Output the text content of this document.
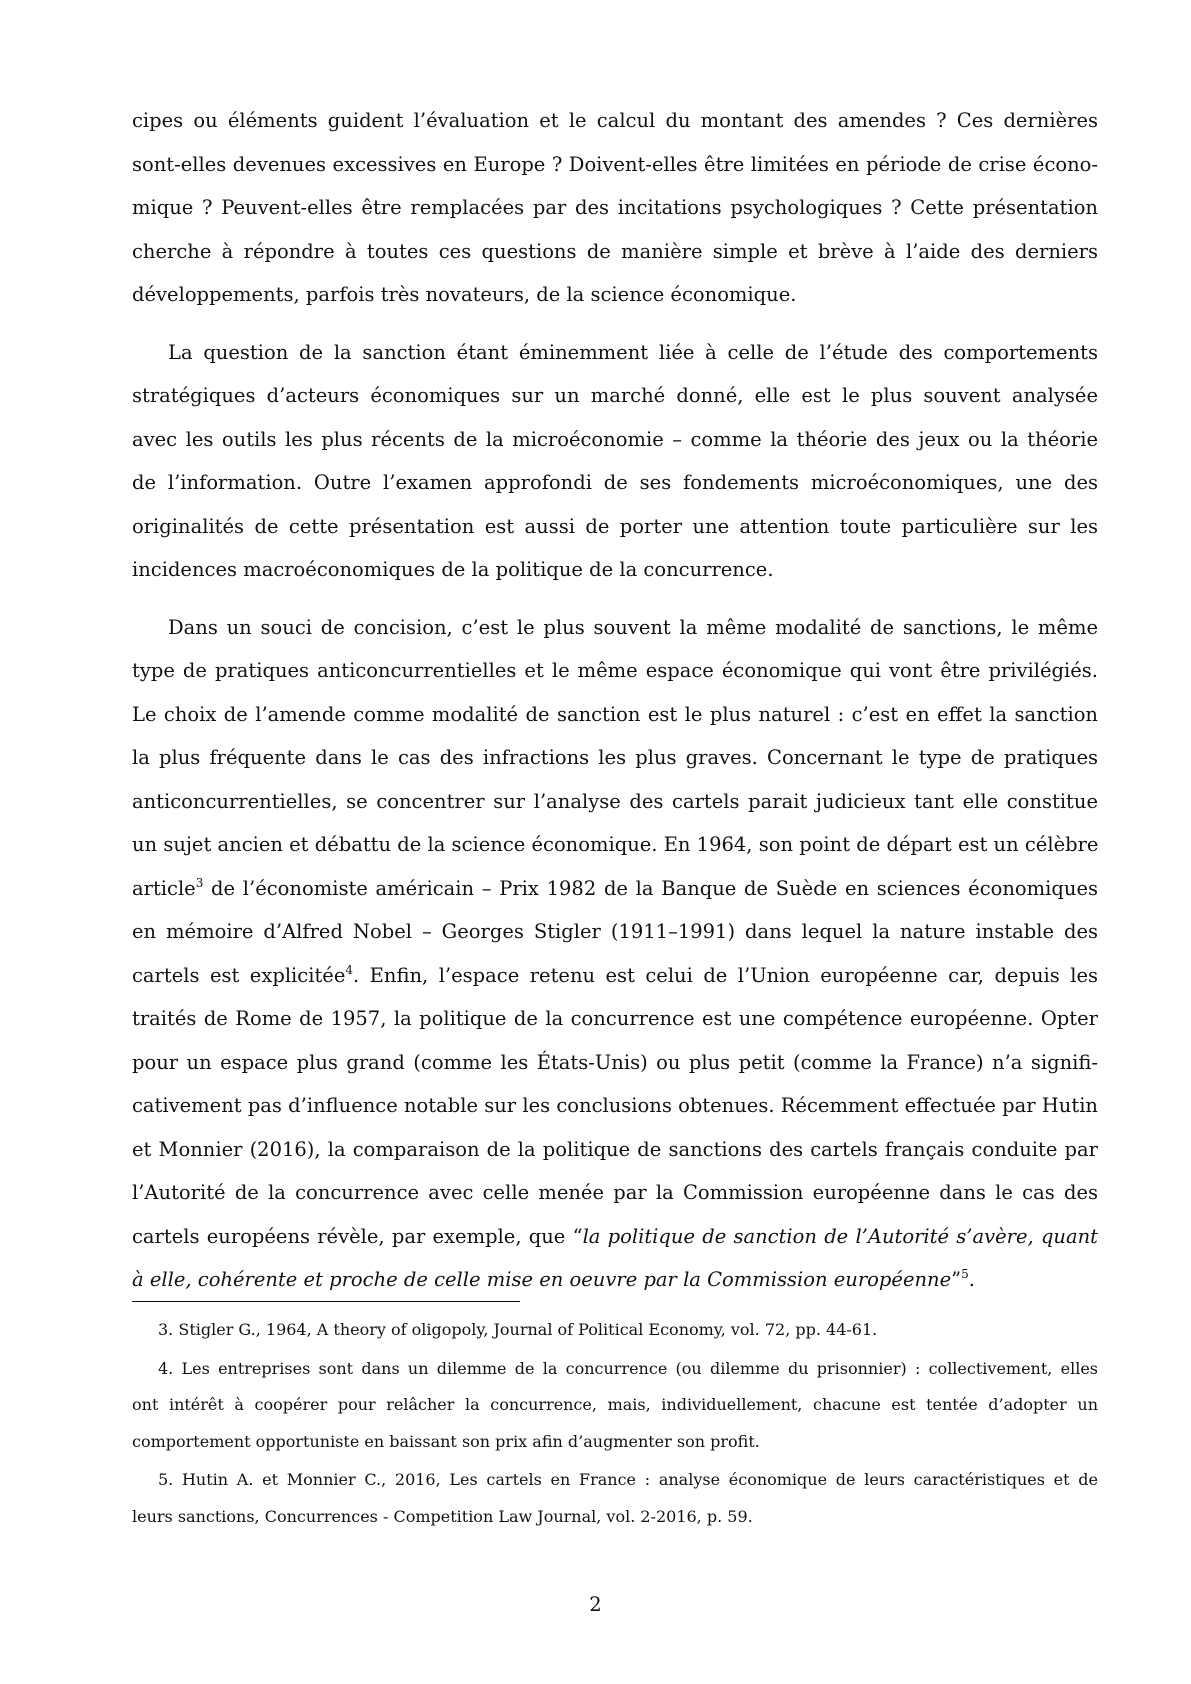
cipes ou éléments guident l’évaluation et le calcul du montant des amendes ? Ces dernières
sont-elles devenues excessives en Europe ? Doivent-elles être limitées en période de crise écono-
mique ? Peuvent-elles être remplacées par des incitations psychologiques ? Cette présentation
cherche à répondre à toutes ces questions de manière simple et brève à l’aide des derniers
développements, parfois très novateurs, de la science économique.
La question de la sanction étant éminemment liée à celle de l’étude des comportements
stratégiques d’acteurs économiques sur un marché donné, elle est le plus souvent analysée
avec les outils les plus récents de la microéconomie – comme la théorie des jeux ou la théorie
de l’information. Outre l’examen approfondi de ses fondements microéconomiques, une des
originalités de cette présentation est aussi de porter une attention toute particulière sur les
incidences macroéconomiques de la politique de la concurrence.
Dans un souci de concision, c’est le plus souvent la même modalité de sanctions, le même
type de pratiques anticoncurrentielles et le même espace économique qui vont être privilégiés.
Le choix de l’amende comme modalité de sanction est le plus naturel : c’est en effet la sanction
la plus fréquente dans le cas des infractions les plus graves. Concernant le type de pratiques
anticoncurrentielles, se concentrer sur l’analyse des cartels parait judicieux tant elle constitue
un sujet ancien et débattu de la science économique. En 1964, son point de départ est un célèbre
article$^3$ de l’économiste américain – Prix 1982 de la Banque de Suède en sciences économiques
en mémoire d’Alfred Nobel – Georges Stigler (1911–1991) dans lequel la nature instable des
cartels est explicitée$^4$. Enfin, l’espace retenu est celui de l’Union européenne car, depuis les
traités de Rome de 1957, la politique de la concurrence est une compétence européenne. Opter
pour un espace plus grand (comme les États-Unis) ou plus petit (comme la France) n’a signifi-
cativement pas d’influence notable sur les conclusions obtenues. Récemment effectuée par Hutin
et Monnier (2016), la comparaison de la politique de sanctions des cartels français conduite par
l’Autorité de la concurrence avec celle menée par la Commission européenne dans le cas des
cartels européens révèle, par exemple, que “la politique de sanction de l’Autorité s’avère, quant
à elle, cohérente et proche de celle mise en oeuvre par la Commission européenne”$^5$.
3. Stigler G., 1964, A theory of oligopoly, Journal of Political Economy, vol. 72, pp. 44-61.
4. Les entreprises sont dans un dilemme de la concurrence (ou dilemme du prisonnier) : collectivement, elles
ont intérêt à coopérer pour relâcher la concurrence, mais, individuellement, chacune est tentée d’adopter un
comportement opportuniste en baissant son prix afin d’augmenter son profit.
5. Hutin A. et Monnier C., 2016, Les cartels en France : analyse économique de leurs caractéristiques et de
leurs sanctions, Concurrences - Competition Law Journal, vol. 2-2016, p. 59.
2
